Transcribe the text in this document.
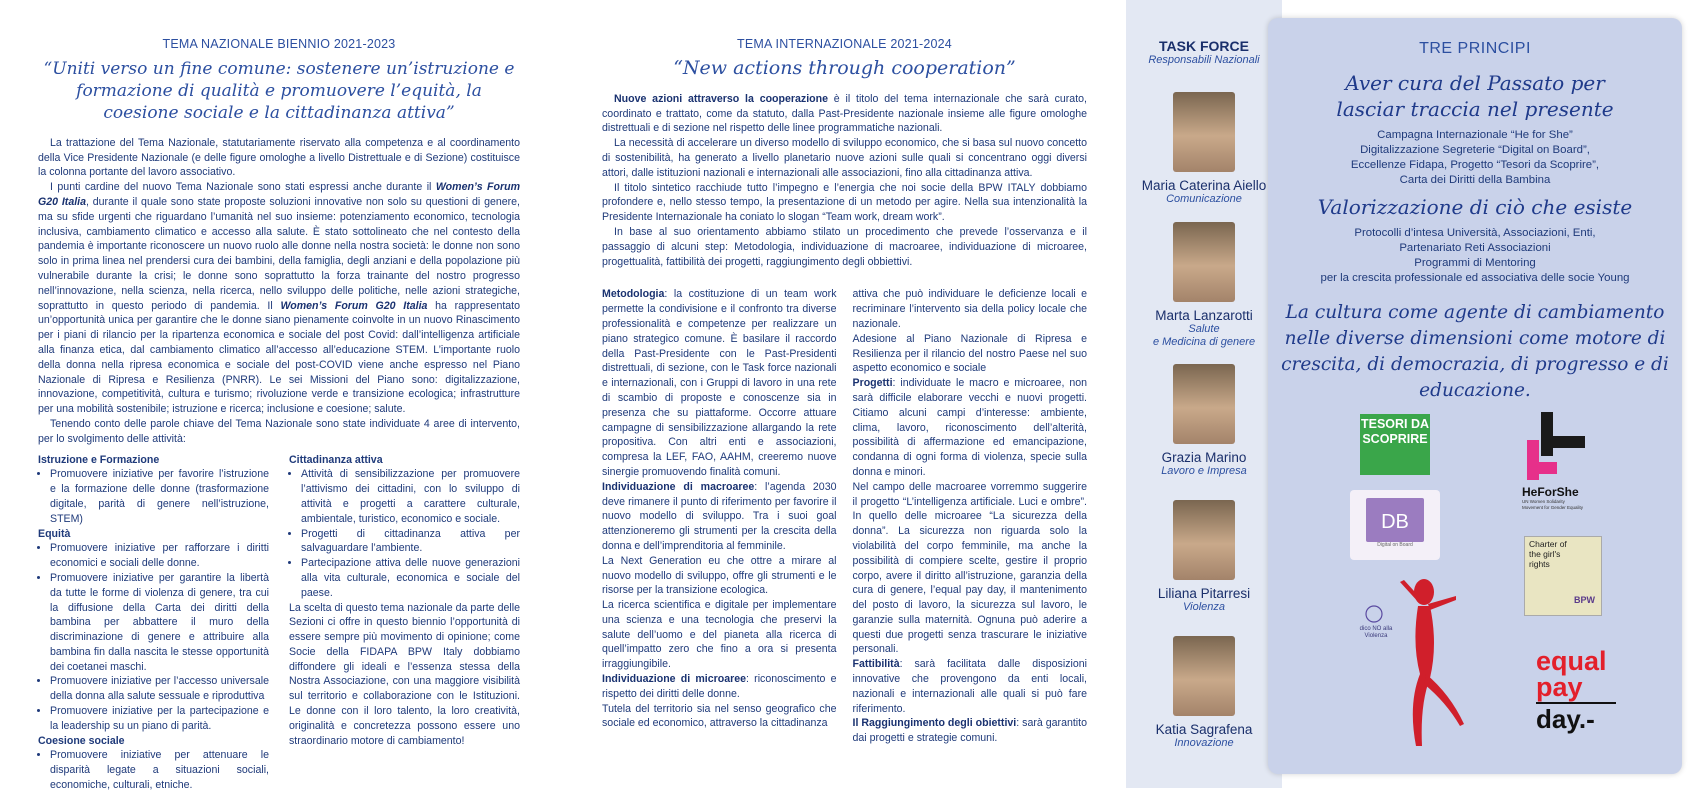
TEMA NAZIONALE BIENNIO 2021-2023
“Uniti verso un fine comune: sostenere un’istruzione e formazione di qualità e promuovere l’equità, la coesione sociale e la cittadinanza attiva”

La trattazione del Tema Nazionale, statutariamente riservato alla competenza e al coordinamento della Vice Presidente Nazionale (e delle figure omologhe a livello Distrettuale e di Sezione) costituisce la colonna portante del lavoro associativo.

I punti cardine del nuovo Tema Nazionale sono stati espressi anche durante il Women’s Forum G20 Italia, durante il quale sono state proposte soluzioni innovative non solo su questioni di genere, ma su sfide urgenti che riguardano l’umanità nel suo insieme: potenziamento economico, tecnologia inclusiva, cambiamento climatico e accesso alla salute. È stato sottolineato che nel contesto della pandemia è importante riconoscere un nuovo ruolo alle donne nella nostra società: le donne non sono solo in prima linea nel prendersi cura dei bambini, della famiglia, degli anziani e della popolazione più vulnerabile durante la crisi; le donne sono soprattutto la forza trainante del nostro progresso nell’innovazione, nella scienza, nella ricerca, nello sviluppo delle politiche, nelle azioni strategiche, soprattutto in questo periodo di pandemia. Il Women’s Forum G20 Italia ha rappresentato un’opportunità unica per garantire che le donne siano pienamente coinvolte in un nuovo Rinascimento per i piani di rilancio per la ripartenza economica e sociale del post Covid: dall’intelligenza artificiale alla finanza etica, dal cambiamento climatico all’accesso all’educazione STEM. L’importante ruolo della donna nella ripresa economica e sociale del post-COVID viene anche espresso nel Piano Nazionale di Ripresa e Resilienza (PNRR). Le sei Missioni del Piano sono: digitalizzazione, innovazione, competitività, cultura e turismo; rivoluzione verde e transizione ecologica; infrastrutture per una mobilità sostenibile; istruzione e ricerca; inclusione e coesione; salute.

Tenendo conto delle parole chiave del Tema Nazionale sono state individuate 4 aree di intervento, per lo svolgimento delle attività:

Istruzione e Formazione
• Promuovere iniziative per favorire l’istruzione e la formazione delle donne (trasformazione digitale, parità di genere nell’istruzione, STEM)
Equità
• Promuovere iniziative per rafforzare i diritti economici e sociali delle donne.
• Promuovere iniziative per garantire la libertà da tutte le forme di violenza di genere, tra cui la diffusione della Carta dei diritti della bambina per abbattere il muro della discriminazione di genere e attribuire alla bambina fin dalla nascita le stesse opportunità dei coetanei maschi.
• Promuovere iniziative per l’accesso universale della donna alla salute sessuale e riproduttiva
• Promuovere iniziative per la partecipazione e la leadership su un piano di parità.
Coesione sociale
• Promuovere iniziative per attenuare le disparità legate a situazioni sociali, economiche, culturali, etniche.
Cittadinanza attiva
• Attività di sensibilizzazione per promuovere l’attivismo dei cittadini, con lo sviluppo di attività e progetti a carattere culturale, ambientale, turistico, economico e sociale.
• Progetti di cittadinanza attiva per salvaguardare l’ambiente.
• Partecipazione attiva delle nuove generazioni alla vita culturale, economica e sociale del paese.

La scelta di questo tema nazionale da parte delle Sezioni ci offre in questo biennio l’opportunità di essere sempre più movimento di opinione; come Socie della FIDAPA BPW Italy dobbiamo diffondere gli ideali e l’essenza stessa della Nostra Associazione, con una maggiore visibilità sul territorio e collaborazione con le Istituzioni. Le donne con il loro talento, la loro creatività, originalità e concretezza possono essere uno straordinario motore di cambiamento!

TEMA INTERNAZIONALE 2021-2024
“New actions through cooperation”

Nuove azioni attraverso la cooperazione è il titolo del tema internazionale che sarà curato, coordinato e trattato, come da statuto, dalla Past-Presidente nazionale insieme alle figure omologhe distrettuali e di sezione nel rispetto delle linee programmatiche nazionali.

La necessità di accelerare un diverso modello di sviluppo economico, che si basa sul nuovo concetto di sostenibilità, ha generato a livello planetario nuove azioni sulle quali si concentrano oggi diversi attori, dalle istituzioni nazionali e internazionali alle associazioni, fino alla cittadinanza attiva.

Il titolo sintetico racchiude tutto l’impegno e l’energia che noi socie della BPW ITALY dobbiamo profondere e, nello stesso tempo, la presentazione di un metodo per agire. Nella sua intenzionalità la Presidente Internazionale ha coniato lo slogan “Team work, dream work”.

In base al suo orientamento abbiamo stilato un procedimento che prevede l’osservanza e il passaggio di alcuni step: Metodologia, individuazione di macroaree, individuazione di microaree, progettualità, fattibilità dei progetti, raggiungimento degli obbiettivi.

Metodologia: la costituzione di un team work permette la condivisione e il confronto tra diverse professionalità e competenze per realizzare un piano strategico comune. È basilare il raccordo della Past-Presidente con le Past-Presidenti distrettuali, di sezione, con le Task force nazionali e internazionali, con i Gruppi di lavoro in una rete di scambio di proposte e conoscenze sia in presenza che su piattaforme. Occorre attuare campagne di sensibilizzazione allargando la rete propositiva. Con altri enti e associazioni, compresa la LEF, FAO, AAHM, creeremo nuove sinergie promuovendo finalità comuni.

Individuazione di macroaree: l’agenda 2030 deve rimanere il punto di riferimento per favorire il nuovo modello di sviluppo. Tra i suoi goal attenzioneremo gli strumenti per la crescita della donna e dell’imprenditoria al femminile.

La Next Generation eu che ottre a mirare al nuovo modello di sviluppo, offre gli strumenti e le risorse per la transizione ecologica.

La ricerca scientifica e digitale per implementare una scienza e una tecnologia che preservi la salute dell’uomo e del pianeta alla ricerca di quell’impatto zero che fino a ora si presenta irraggiungibile.

Individuazione di microaree: riconoscimento e rispetto dei diritti delle donne.

Tutela del territorio sia nel senso geografico che sociale ed economico, attraverso la cittadinanza

attiva che può individuare le deficienze locali e recriminare l’intervento sia della policy locale che nazionale.

Adesione al Piano Nazionale di Ripresa e Resilienza per il rilancio del nostro Paese nel suo aspetto economico e sociale

Progetti: individuate le macro e microaree, non sarà difficile elaborare vecchi e nuovi progetti. Citiamo alcuni campi d’interesse: ambiente, clima, lavoro, riconoscimento dell’alterità, possibilità di affermazione ed emancipazione, condanna di ogni forma di violenza, specie sulla donna e minori.

Nel campo delle macroaree vorremmo suggerire il progetto “L’intelligenza artificiale. Luci e ombre”. In quello delle microaree “La sicurezza della donna”. La sicurezza non riguarda solo la violabilità del corpo femminile, ma anche la possibilità di compiere scelte, gestire il proprio corpo, avere il diritto all’istruzione, garanzia della cura di genere, l’equal pay day, il mantenimento del posto di lavoro, la sicurezza sul lavoro, le garanzie sulla maternità. Ognuna può aderire a questi due progetti senza trascurare le iniziative personali.

Fattibilità: sarà facilitata dalle disposizioni innovative che provengono da enti locali, nazionali e internazionali alle quali si può fare riferimento.

Il Raggiungimento degli obiettivi: sarà garantito dai progetti e strategie comuni.

TASK FORCE
Responsabili Nazionali
Maria Caterina Aiello
Comunicazione
Marta Lanzarotti
Salute
e Medicina di genere
Grazia Marino
Lavoro e Impresa
Liliana Pitarresi
Violenza
Katia Sagrafena
Innovazione
TRE PRINCIPI
Aver cura del Passato per lasciar traccia nel presente
Campagna Internazionale “He for She”
Digitalizzazione Segreterie “Digital on Board”,
Eccellenze Fidapa, Progetto “Tesori da Scoprire”,
Carta dei Diritti della Bambina
Valorizzazione di ciò che esiste
Protocolli d’intesa Università, Associazioni, Enti,
Partenariato Reti Associazioni
Programmi di Mentoring
per la crescita professionale ed associativa delle socie Young
La cultura come agente di cambiamento nelle diverse dimensioni come motore di crescita, di democrazia, di progresso e di educazione.
TESORI DA SCOPRIRE
HeForShe
UN Women Solidarity Movement for Gender Equality
DB
Digital on Board	Charter of the girl's rights
BPW
dico NO alla Violenza
equal
pay
day.-
